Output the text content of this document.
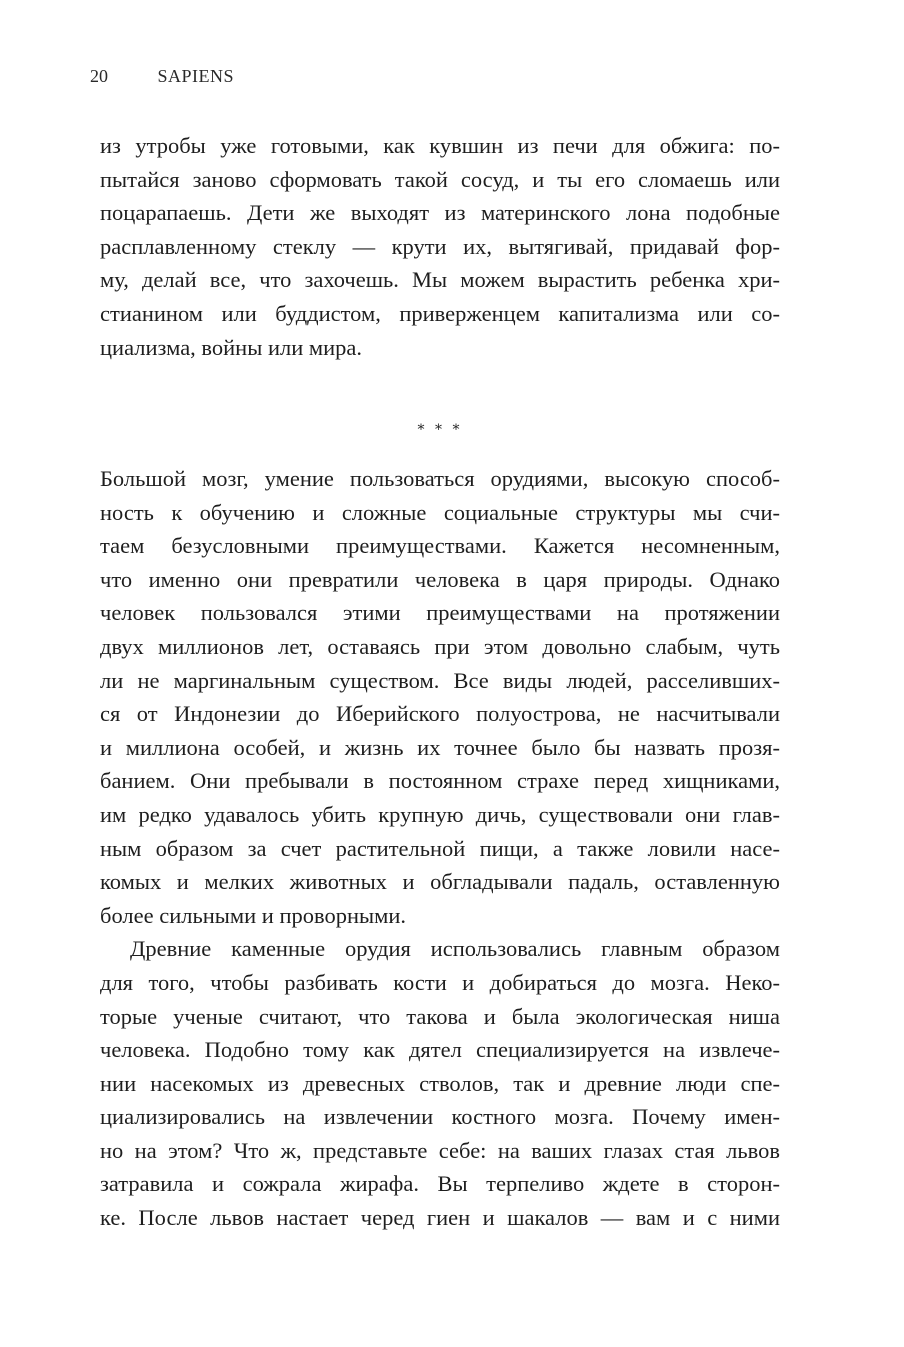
20	SAPIENS
из утробы уже готовыми, как кувшин из печи для обжига: по-
пытайся заново сформовать такой сосуд, и ты его сломаешь или
поцарапаешь. Дети же выходят из материнского лона подобные
расплавленному стеклу — крути их, вытягивай, придавай фор-
му, делай все, что захочешь. Мы можем вырастить ребенка хри-
стианином или буддистом, приверженцем капитализма или со-
циализма, войны или мира.
* * *
Большой мозг, умение пользоваться орудиями, высокую способ-
ность к обучению и сложные социальные структуры мы счи-
таем безусловными преимуществами. Кажется несомненным,
что именно они превратили человека в царя природы. Однако
человек пользовался этими преимуществами на протяжении
двух миллионов лет, оставаясь при этом довольно слабым, чуть
ли не маргинальным существом. Все виды людей, расселивших-
ся от Индонезии до Иберийского полуострова, не насчитывали
и миллиона особей, и жизнь их точнее было бы назвать прозя-
банием. Они пребывали в постоянном страхе перед хищниками,
им редко удавалось убить крупную дичь, существовали они глав-
ным образом за счет растительной пищи, а также ловили насе-
комых и мелких животных и обгладывали падаль, оставленную
более сильными и проворными.
Древние каменные орудия использовались главным образом
для того, чтобы разбивать кости и добираться до мозга. Неко-
торые ученые считают, что такова и была экологическая ниша
человека. Подобно тому как дятел специализируется на извлече-
нии насекомых из древесных стволов, так и древние люди спе-
циализировались на извлечении костного мозга. Почему имен-
но на этом? Что ж, представьте себе: на ваших глазах стая львов
затравила и сожрала жирафа. Вы терпеливо ждете в сторон-
ке. После львов настает черед гиен и шакалов — вам и с ними
